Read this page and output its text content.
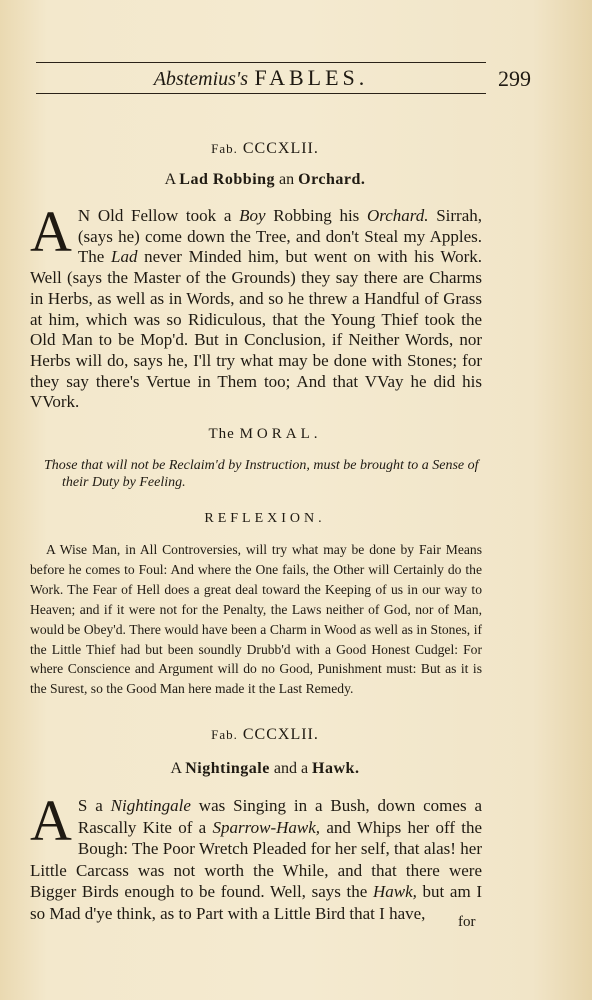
Abstemius's FABLES.	299
Fab. CCCXLII.
A Lad Robbing an Orchard.
A N Old Fellow took a Boy Robbing his Orchard. Sirrah, (says he) come down the Tree, and don't Steal my Apples. The Lad never Minded him, but went on with his Work. Well (says the Master of the Grounds) they say there are Charms in Herbs, as well as in Words, and so he threw a Handful of Grass at him, which was so Ridiculous, that the Young Thief took the Old Man to be Mop'd. But in Conclusion, if Neither Words, nor Herbs will do, says he, I'll try what may be done with Stones; for they say there's Vertue in Them too; And that VVay he did his VVork.
The MORAL.
Those that will not be Reclaim'd by Instruction, must be brought to a Sense of
their Duty by Feeling.
REFLEXION.
A Wise Man, in All Controversies, will try what may be done by Fair Means before he comes to Foul: And where the One fails, the Other will Certainly do the Work. The Fear of Hell does a great deal toward the Keeping of us in our way to Heaven; and if it were not for the Penalty, the Laws neither of God, nor of Man, would be Obey'd. There would have been a Charm in Wood as well as in Stones, if the Little Thief had but been soundly Drubb'd with a Good Honest Cudgel: For where Conscience and Argument will do no Good, Punishment must: But as it is the Surest, so the Good Man here made it the Last Remedy.
Fab. CCCXLII.
A Nightingale and a Hawk.
A S a Nightingale was Singing in a Bush, down comes a Rascally Kite of a Sparrow-Hawk, and Whips her off the Bough: The Poor Wretch Pleaded for her self, that alas! her Little Carcass was not worth the While, and that there were Bigger Birds enough to be found. Well, says the Hawk, but am I so Mad d'ye think, as to Part with a Little Bird that I have,	for
